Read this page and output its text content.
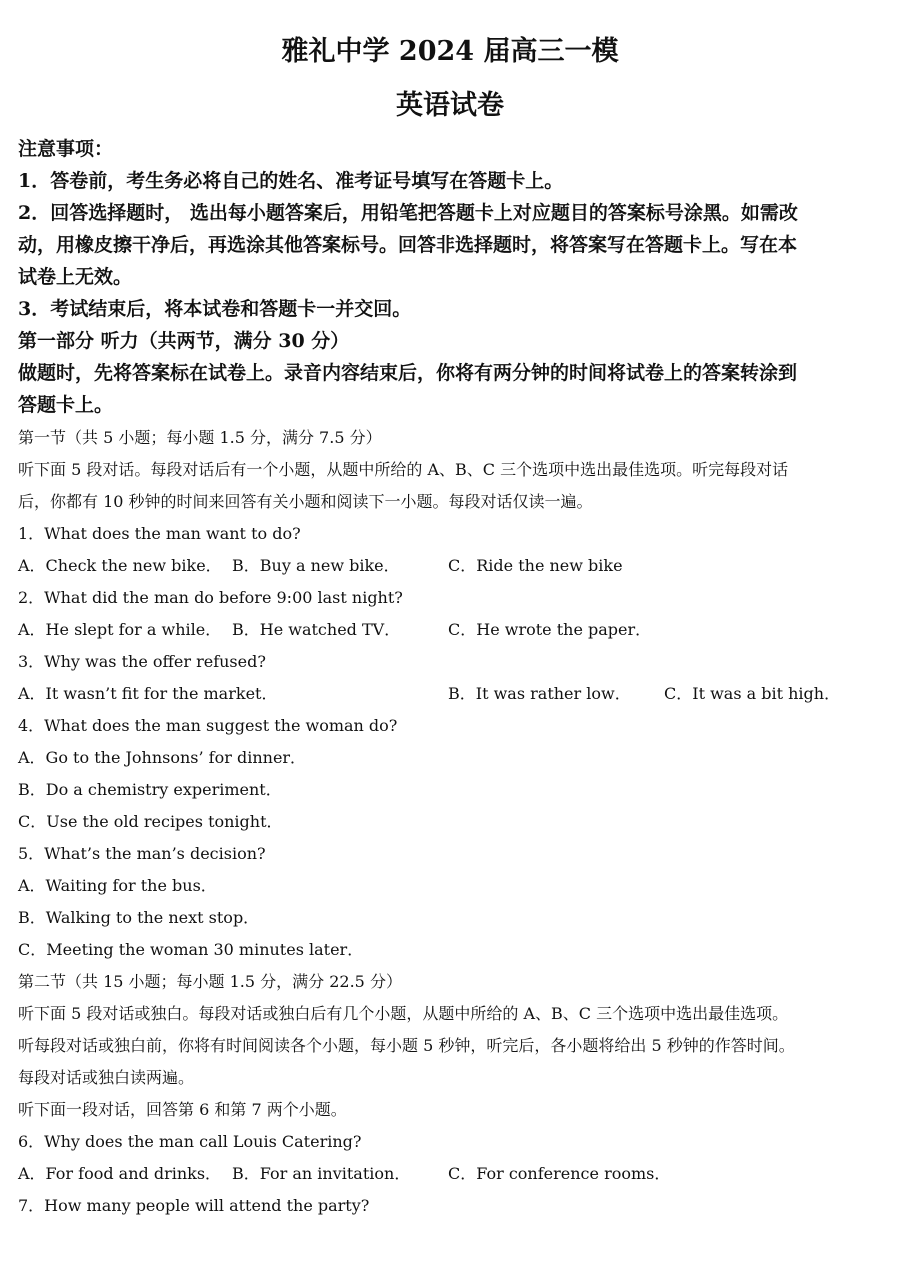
雅礼中学 2024 届高三一模
英语试卷
注意事项：
1．答卷前，考生务必将自己的姓名、准考证号填写在答题卡上。
2．回答选择题时， 选出每小题答案后，用铅笔把答题卡上对应题目的答案标号涂黑。如需改
动，用橡皮擦干净后，再选涂其他答案标号。回答非选择题时，将答案写在答题卡上。写在本
试卷上无效。
3．考试结束后，将本试卷和答题卡一并交回。
第一部分 听力（共两节，满分 30 分）
做题时，先将答案标在试卷上。录音内容结束后，你将有两分钟的时间将试卷上的答案转涂到
答题卡上。
第一节（共 5 小题；每小题 1.5 分，满分 7.5 分）
听下面 5 段对话。每段对话后有一个小题，从题中所给的 A、B、C 三个选项中选出最佳选项。听完每段对话
后，你都有 10 秒钟的时间来回答有关小题和阅读下一小题。每段对话仅读一遍。
1．What does the man want to do?
A．Check the new bike． B．Buy a new bike．	C．Ride the new bike
2．What did the man do before 9:00 last night?
A．He slept for a while． B．He watched TV．	C．He wrote the paper．
3．Why was the offer refused?
A．It wasn’t fit for the market．	B．It was rather low． C．It was a bit high．
4．What does the man suggest the woman do?
A．Go to the Johnsons’ for dinner．
B．Do a chemistry experiment．
C．Use the old recipes tonight．
5．What’s the man’s decision?
A．Waiting for the bus．
B．Walking to the next stop．
C．Meeting the woman 30 minutes later．
第二节（共 15 小题；每小题 1.5 分，满分 22.5 分）
听下面 5 段对话或独白。每段对话或独白后有几个小题，从题中所给的 A、B、C 三个选项中选出最佳选项。
听每段对话或独白前，你将有时间阅读各个小题，每小题 5 秒钟，听完后，各小题将给出 5 秒钟的作答时间。
每段对话或独白读两遍。
听下面一段对话，回答第 6 和第 7 两个小题。
6．Why does the man call Louis Catering?
A．For food and drinks． B．For an invitation． C．For conference rooms．
7．How many people will attend the party?
